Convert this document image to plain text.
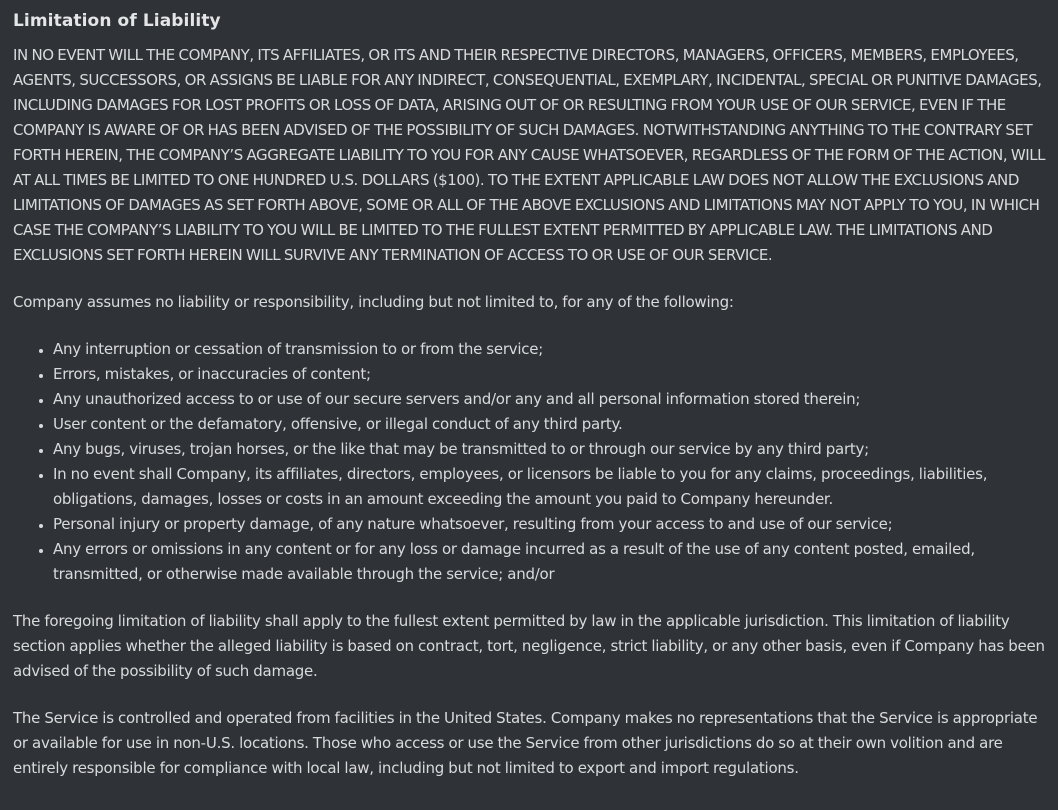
Limitation of Liability

IN NO EVENT WILL THE COMPANY, ITS AFFILIATES, OR ITS AND THEIR RESPECTIVE DIRECTORS, MANAGERS, OFFICERS, MEMBERS, EMPLOYEES, AGENTS, SUCCESSORS, OR ASSIGNS BE LIABLE FOR ANY INDIRECT, CONSEQUENTIAL, EXEMPLARY, INCIDENTAL, SPECIAL OR PUNITIVE DAMAGES, INCLUDING DAMAGES FOR LOST PROFITS OR LOSS OF DATA, ARISING OUT OF OR RESULTING FROM YOUR USE OF OUR SERVICE, EVEN IF THE COMPANY IS AWARE OF OR HAS BEEN ADVISED OF THE POSSIBILITY OF SUCH DAMAGES. NOTWITHSTANDING ANYTHING TO THE CONTRARY SET FORTH HEREIN, THE COMPANY’S AGGREGATE LIABILITY TO YOU FOR ANY CAUSE WHATSOEVER, REGARDLESS OF THE FORM OF THE ACTION, WILL AT ALL TIMES BE LIMITED TO ONE HUNDRED U.S. DOLLARS ($100). TO THE EXTENT APPLICABLE LAW DOES NOT ALLOW THE EXCLUSIONS AND LIMITATIONS OF DAMAGES AS SET FORTH ABOVE, SOME OR ALL OF THE ABOVE EXCLUSIONS AND LIMITATIONS MAY NOT APPLY TO YOU, IN WHICH CASE THE COMPANY’S LIABILITY TO YOU WILL BE LIMITED TO THE FULLEST EXTENT PERMITTED BY APPLICABLE LAW. THE LIMITATIONS AND EXCLUSIONS SET FORTH HEREIN WILL SURVIVE ANY TERMINATION OF ACCESS TO OR USE OF OUR SERVICE.

Company assumes no liability or responsibility, including but not limited to, for any of the following:

• Any interruption or cessation of transmission to or from the service;
• Errors, mistakes, or inaccuracies of content;
• Any unauthorized access to or use of our secure servers and/or any and all personal information stored therein;
• User content or the defamatory, offensive, or illegal conduct of any third party.
• Any bugs, viruses, trojan horses, or the like that may be transmitted to or through our service by any third party;
• In no event shall Company, its affiliates, directors, employees, or licensors be liable to you for any claims, proceedings, liabilities, obligations, damages, losses or costs in an amount exceeding the amount you paid to Company hereunder.
• Personal injury or property damage, of any nature whatsoever, resulting from your access to and use of our service;
• Any errors or omissions in any content or for any loss or damage incurred as a result of the use of any content posted, emailed, transmitted, or otherwise made available through the service; and/or

The foregoing limitation of liability shall apply to the fullest extent permitted by law in the applicable jurisdiction. This limitation of liability section applies whether the alleged liability is based on contract, tort, negligence, strict liability, or any other basis, even if Company has been advised of the possibility of such damage.

The Service is controlled and operated from facilities in the United States. Company makes no representations that the Service is appropriate or available for use in non-U.S. locations. Those who access or use the Service from other jurisdictions do so at their own volition and are entirely responsible for compliance with local law, including but not limited to export and import regulations.
